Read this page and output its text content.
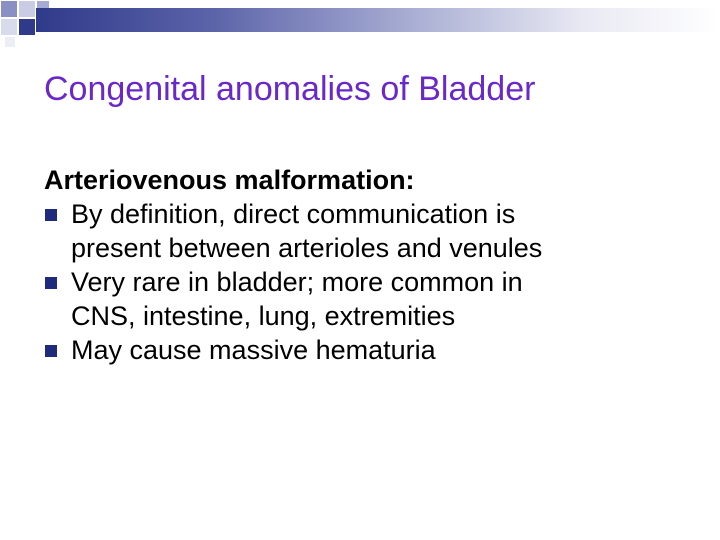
Congenital anomalies of Bladder

Arteriovenous malformation:

By definition, direct communication is
present between arterioles and venules
Very rare in bladder; more common in
CNS, intestine, lung, extremities
May cause massive hematuria
